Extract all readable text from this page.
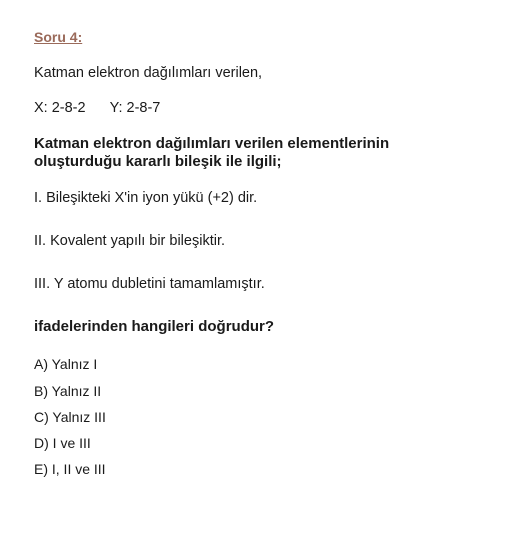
Soru 4:
Katman elektron dağılımları verilen,
X: 2-8-2 Y: 2-8-7
Katman elektron dağılımları verilen elementlerinin
oluşturduğu kararlı bileşik ile ilgili;
I. Bileşikteki X'in iyon yükü (+2) dir.
II. Kovalent yapılı bir bileşiktir.
III. Y atomu dubletini tamamlamıştır.
ifadelerinden hangileri doğrudur?
A) Yalnız I
B) Yalnız II
C) Yalnız III
D) I ve III
E) I, II ve III
